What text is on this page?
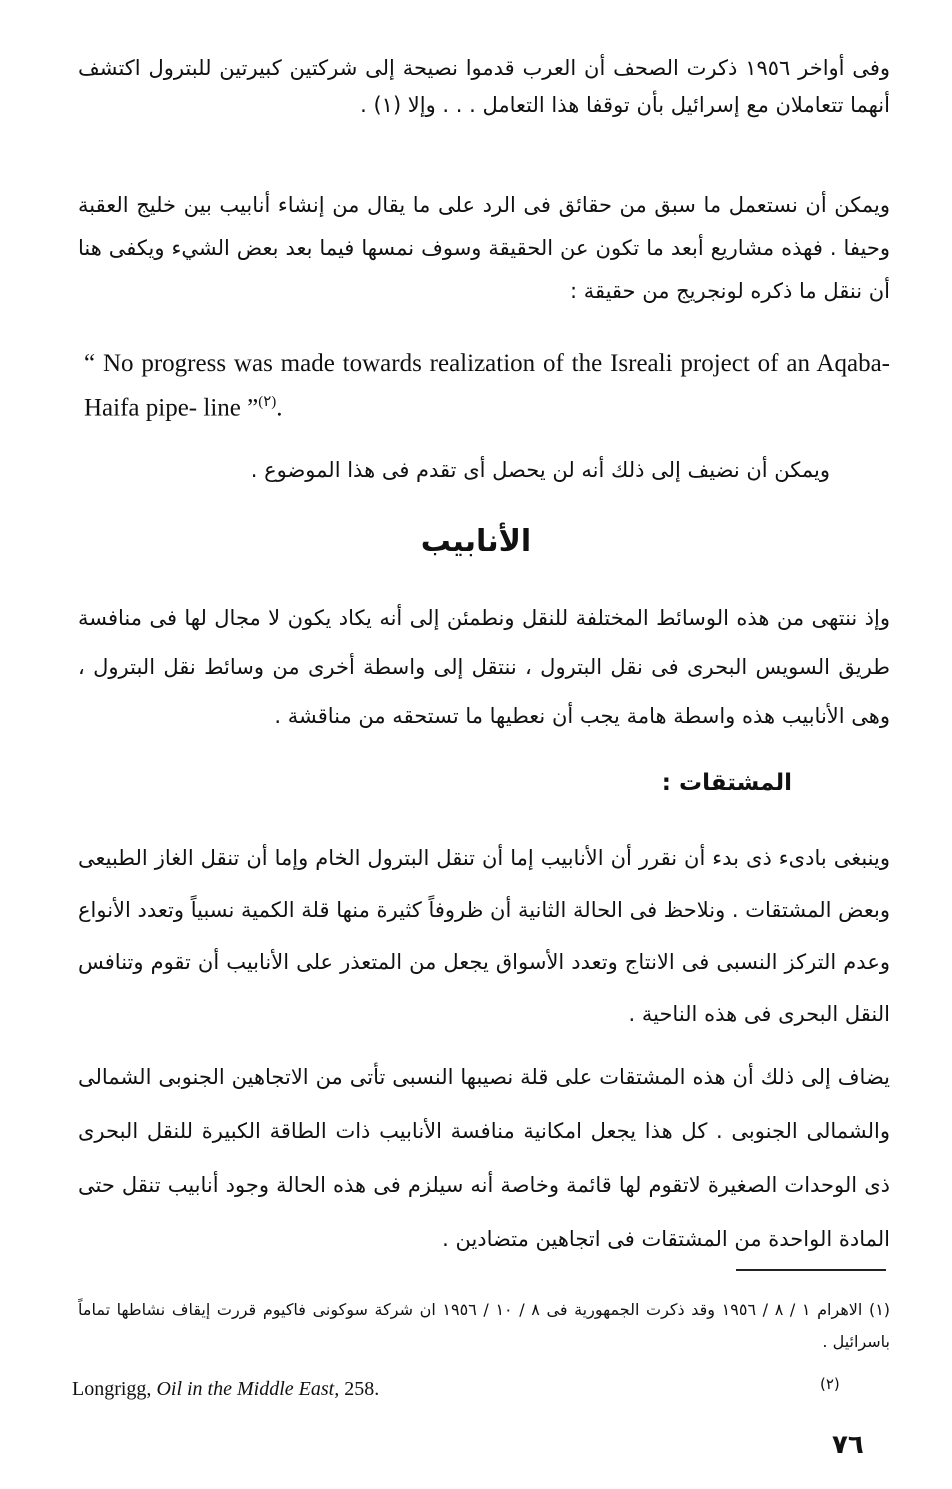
وفى أواخر ١٩٥٦ ذكرت الصحف أن العرب قدموا نصيحة إلى شركتين كبيرتين للبترول اكتشف أنهما تتعاملان مع إسرائيل بأن توقفا هذا التعامل . . . وإلا (١) .

ويمكن أن نستعمل ما سبق من حقائق فى الرد على ما يقال من إنشاء أنابيب بين خليج العقبة وحيفا . فهذه مشاريع أبعد ما تكون عن الحقيقة وسوف نمسها فيما بعد بعض الشيء ويكفى هنا أن ننقل ما ذكره لونجريج من حقيقة :

“ No progress was made towards realization of the Isreali project of an Aqaba-Haifa pipe- line ”$^{(٢)}$.

ويمكن أن نضيف إلى ذلك أنه لن يحصل أى تقدم فى هذا الموضوع .

الأنابيب

وإذ ننتهى من هذه الوسائط المختلفة للنقل ونطمئن إلى أنه يكاد يكون لا مجال لها فى منافسة طريق السويس البحرى فى نقل البترول ، ننتقل إلى واسطة أخرى من وسائط نقل البترول ، وهى الأنابيب هذه واسطة هامة يجب أن نعطيها ما تستحقه من مناقشة .

المشتقات :

وينبغى بادىء ذى بدء أن نقرر أن الأنابيب إما أن تنقل البترول الخام وإما أن تنقل الغاز الطبيعى وبعض المشتقات . ونلاحظ فى الحالة الثانية أن ظروفاً كثيرة منها قلة الكمية نسبياً وتعدد الأنواع وعدم التركز النسبى فى الانتاج وتعدد الأسواق يجعل من المتعذر على الأنابيب أن تقوم وتنافس النقل البحرى فى هذه الناحية .

يضاف إلى ذلك أن هذه المشتقات على قلة نصيبها النسبى تأتى من الاتجاهين الجنوبى الشمالى والشمالى الجنوبى . كل هذا يجعل امكانية منافسة الأنابيب ذات الطاقة الكبيرة للنقل البحرى ذى الوحدات الصغيرة لاتقوم لها قائمة وخاصة أنه سيلزم فى هذه الحالة وجود أنابيب تنقل حتى المادة الواحدة من المشتقات فى اتجاهين متضادين .

(١) الاهرام ١ / ٨ / ١٩٥٦ وقد ذكرت الجمهورية فى ٨ / ١٠ / ١٩٥٦ ان شركة سوكونى فاكيوم قررت إيقاف نشاطها تماماً باسرائيل .

(٢)

Longrigg, Oil in the Middle East, 258.

٧٦
